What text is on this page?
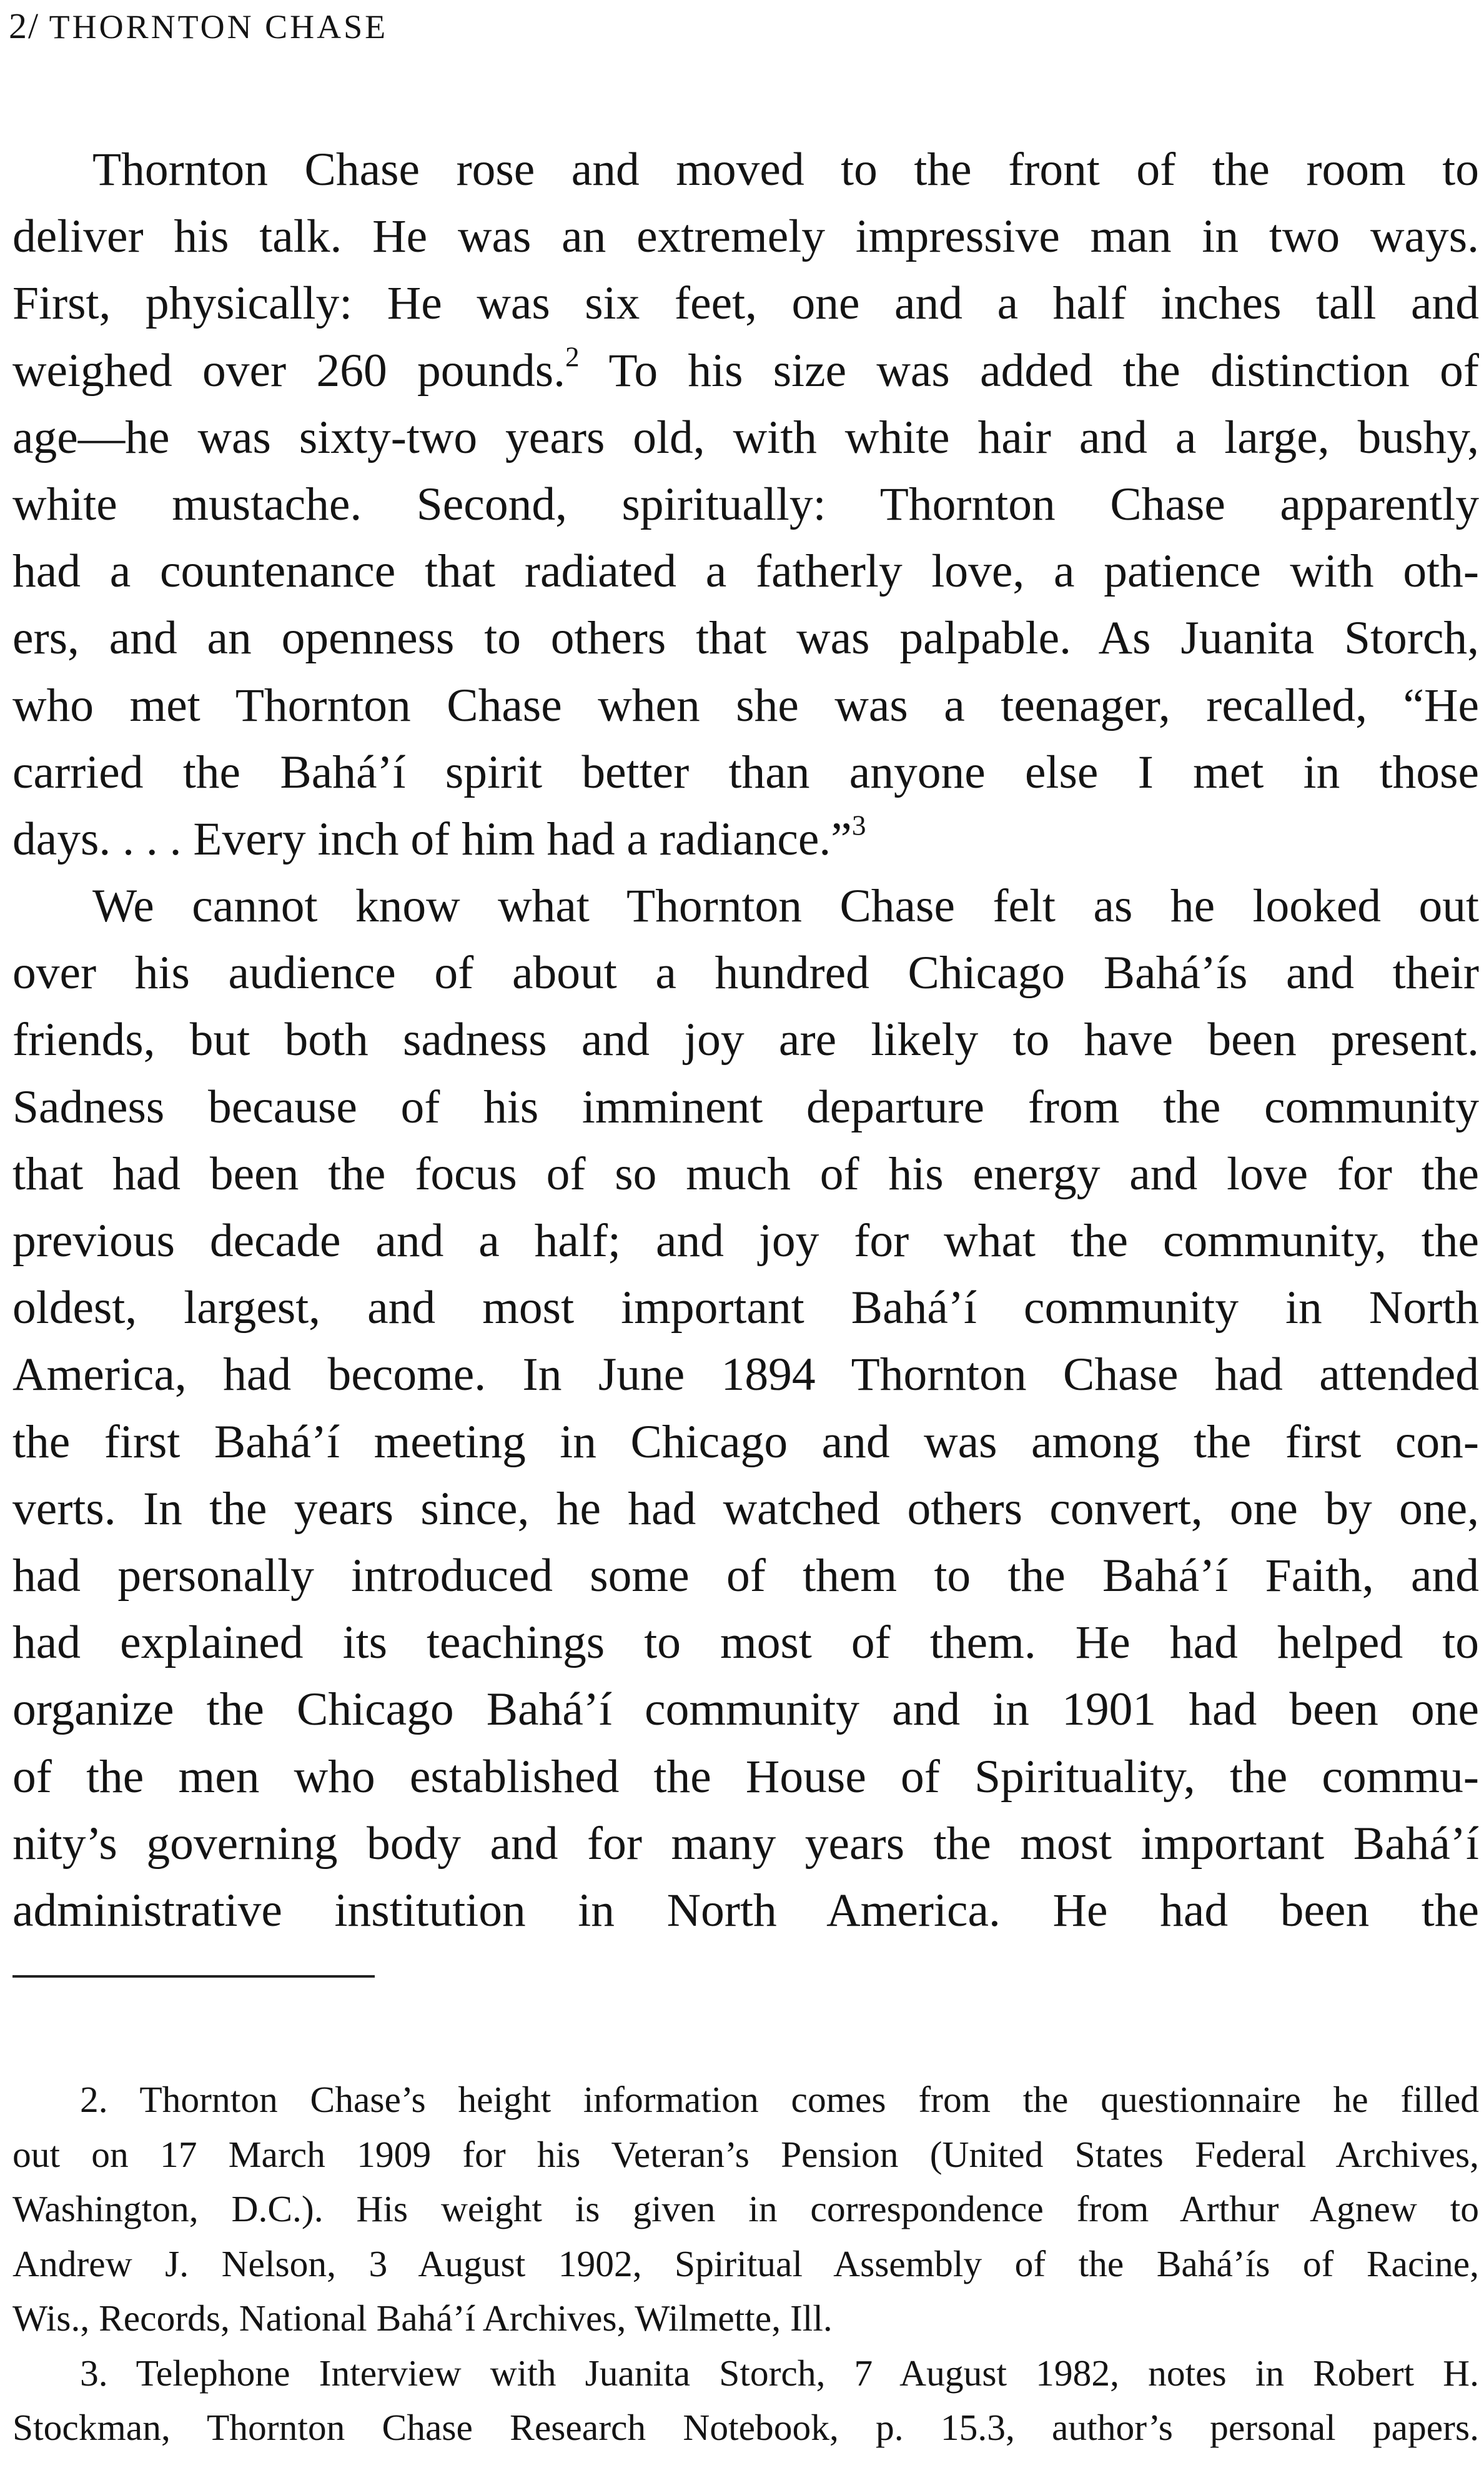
2/ THORNTON CHASE
Thornton Chase rose and moved to the front of the room to
deliver his talk. He was an extremely impressive man in two ways.
First, physically: He was six feet, one and a half inches tall and
weighed over 260 pounds.$^2$ To his size was added the distinction of
age—he was sixty-two years old, with white hair and a large, bushy,
white mustache. Second, spiritually: Thornton Chase apparently
had a countenance that radiated a fatherly love, a patience with oth-
ers, and an openness to others that was palpable. As Juanita Storch,
who met Thornton Chase when she was a teenager, recalled, “He
carried the Bahá’í spirit better than anyone else I met in those
days. . . . Every inch of him had a radiance.”$^3$
We cannot know what Thornton Chase felt as he looked out
over his audience of about a hundred Chicago Bahá’ís and their
friends, but both sadness and joy are likely to have been present.
Sadness because of his imminent departure from the community
that had been the focus of so much of his energy and love for the
previous decade and a half; and joy for what the community, the
oldest, largest, and most important Bahá’í community in North
America, had become. In June 1894 Thornton Chase had attended
the first Bahá’í meeting in Chicago and was among the first con-
verts. In the years since, he had watched others convert, one by one,
had personally introduced some of them to the Bahá’í Faith, and
had explained its teachings to most of them. He had helped to
organize the Chicago Bahá’í community and in 1901 had been one
of the men who established the House of Spirituality, the commu-
nity’s governing body and for many years the most important Bahá’í
administrative institution in North America. He had been the
2. Thornton Chase’s height information comes from the questionnaire he filled
out on 17 March 1909 for his Veteran’s Pension (United States Federal Archives,
Washington, D.C.). His weight is given in correspondence from Arthur Agnew to
Andrew J. Nelson, 3 August 1902, Spiritual Assembly of the Bahá’ís of Racine,
Wis., Records, National Bahá’í Archives, Wilmette, Ill.
3. Telephone Interview with Juanita Storch, 7 August 1982, notes in Robert H.
Stockman, Thornton Chase Research Notebook, p. 15.3, author’s personal papers.
